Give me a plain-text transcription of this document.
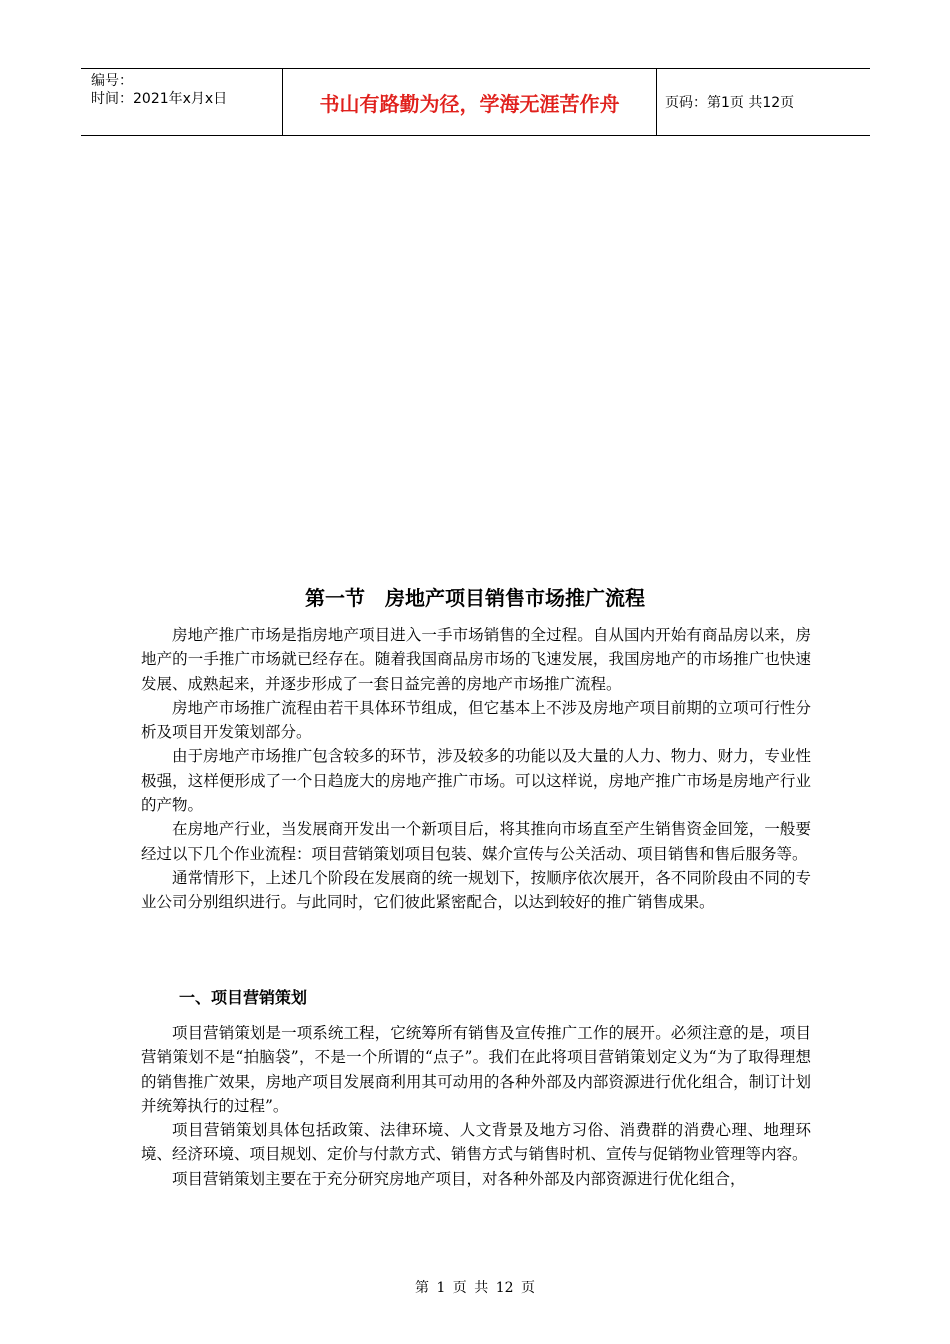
编号：
时间：2021年x月x日	书山有路勤为径，学海无涯苦作舟	页码：第1页 共12页
第一节　房地产项目销售市场推广流程

房地产推广市场是指房地产项目进入一手市场销售的全过程。自从国内开始有商品房以来，房地产的一手推广市场就已经存在。随着我国商品房市场的飞速发展，我国房地产的市场推广也快速发展、成熟起来，并逐步形成了一套日益完善的房地产市场推广流程。

房地产市场推广流程由若干具体环节组成，但它基本上不涉及房地产项目前期的立项可行性分析及项目开发策划部分。

由于房地产市场推广包含较多的环节，涉及较多的功能以及大量的人力、物力、财力，专业性极强，这样便形成了一个日趋庞大的房地产推广市场。可以这样说，房地产推广市场是房地产行业的产物。

在房地产行业，当发展商开发出一个新项目后，将其推向市场直至产生销售资金回笼，一般要经过以下几个作业流程：项目营销策划项目包装、媒介宣传与公关活动、项目销售和售后服务等。

通常情形下，上述几个阶段在发展商的统一规划下，按顺序依次展开，各不同阶段由不同的专业公司分别组织进行。与此同时，它们彼此紧密配合，以达到较好的推广销售成果。

一、项目营销策划

项目营销策划是一项系统工程，它统筹所有销售及宣传推广工作的展开。必须注意的是，项目营销策划不是“拍脑袋”，不是一个所谓的“点子”。我们在此将项目营销策划定义为“为了取得理想的销售推广效果，房地产项目发展商利用其可动用的各种外部及内部资源进行优化组合，制订计划并统筹执行的过程”。

项目营销策划具体包括政策、法律环境、人文背景及地方习俗、消费群的消费心理、地理环境、经济环境、项目规划、定价与付款方式、销售方式与销售时机、宣传与促销物业管理等内容。

项目营销策划主要在于充分研究房地产项目，对各种外部及内部资源进行优化组合，

第 1 页 共 12 页
